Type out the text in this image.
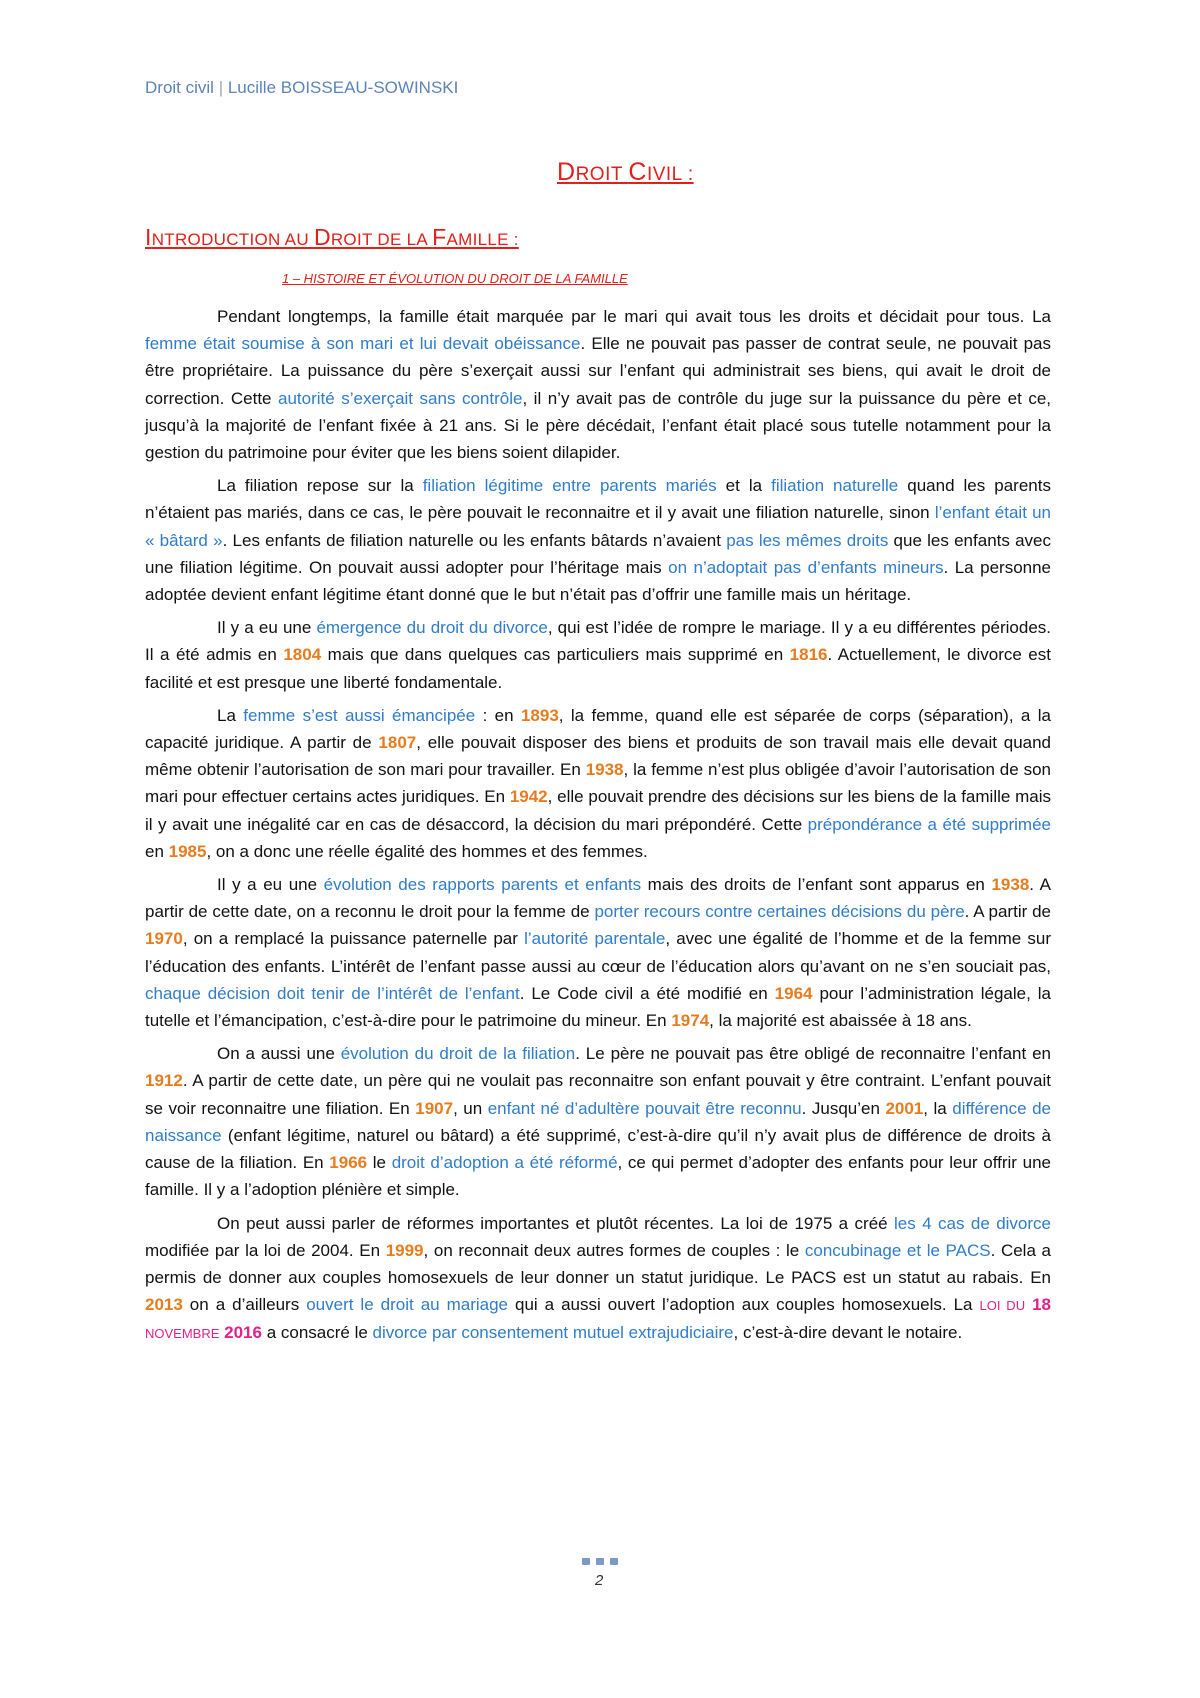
Droit civil | Lucille BOISSEAU-SOWINSKI
DROIT CIVIL :
INTRODUCTION AU DROIT DE LA FAMILLE :
1 – HISTOIRE ET ÉVOLUTION DU DROIT DE LA FAMILLE

Pendant longtemps, la famille était marquée par le mari qui avait tous les droits et décidait pour tous. La femme était soumise à son mari et lui devait obéissance. Elle ne pouvait pas passer de contrat seule, ne pouvait pas être propriétaire. La puissance du père s’exerçait aussi sur l’enfant qui administrait ses biens, qui avait le droit de correction. Cette autorité s’exerçait sans contrôle, il n’y avait pas de contrôle du juge sur la puissance du père et ce, jusqu’à la majorité de l’enfant fixée à 21 ans. Si le père décédait, l’enfant était placé sous tutelle notamment pour la gestion du patrimoine pour éviter que les biens soient dilapider.

La filiation repose sur la filiation légitime entre parents mariés et la filiation naturelle quand les parents n’étaient pas mariés, dans ce cas, le père pouvait le reconnaitre et il y avait une filiation naturelle, sinon l’enfant était un « bâtard ». Les enfants de filiation naturelle ou les enfants bâtards n’avaient pas les mêmes droits que les enfants avec une filiation légitime. On pouvait aussi adopter pour l’héritage mais on n’adoptait pas d’enfants mineurs. La personne adoptée devient enfant légitime étant donné que le but n’était pas d’offrir une famille mais un héritage.

Il y a eu une émergence du droit du divorce, qui est l’idée de rompre le mariage. Il y a eu différentes périodes. Il a été admis en 1804 mais que dans quelques cas particuliers mais supprimé en 1816. Actuellement, le divorce est facilité et est presque une liberté fondamentale.

La femme s’est aussi émancipée : en 1893, la femme, quand elle est séparée de corps (séparation), a la capacité juridique. A partir de 1807, elle pouvait disposer des biens et produits de son travail mais elle devait quand même obtenir l’autorisation de son mari pour travailler. En 1938, la femme n’est plus obligée d’avoir l’autorisation de son mari pour effectuer certains actes juridiques. En 1942, elle pouvait prendre des décisions sur les biens de la famille mais il y avait une inégalité car en cas de désaccord, la décision du mari prépondéré. Cette prépondérance a été supprimée en 1985, on a donc une réelle égalité des hommes et des femmes.

Il y a eu une évolution des rapports parents et enfants mais des droits de l’enfant sont apparus en 1938. A partir de cette date, on a reconnu le droit pour la femme de porter recours contre certaines décisions du père. A partir de 1970, on a remplacé la puissance paternelle par l’autorité parentale, avec une égalité de l’homme et de la femme sur l’éducation des enfants. L’intérêt de l’enfant passe aussi au cœur de l’éducation alors qu’avant on ne s’en souciait pas, chaque décision doit tenir de l’intérêt de l’enfant. Le Code civil a été modifié en 1964 pour l’administration légale, la tutelle et l’émancipation, c’est-à-dire pour le patrimoine du mineur. En 1974, la majorité est abaissée à 18 ans.

On a aussi une évolution du droit de la filiation. Le père ne pouvait pas être obligé de reconnaitre l’enfant en 1912. A partir de cette date, un père qui ne voulait pas reconnaitre son enfant pouvait y être contraint. L’enfant pouvait se voir reconnaitre une filiation. En 1907, un enfant né d’adultère pouvait être reconnu. Jusqu’en 2001, la différence de naissance (enfant légitime, naturel ou bâtard) a été supprimé, c’est-à-dire qu’il n’y avait plus de différence de droits à cause de la filiation. En 1966 le droit d’adoption a été réformé, ce qui permet d’adopter des enfants pour leur offrir une famille. Il y a l’adoption plénière et simple.

On peut aussi parler de réformes importantes et plutôt récentes. La loi de 1975 a créé les 4 cas de divorce modifiée par la loi de 2004. En 1999, on reconnait deux autres formes de couples : le concubinage et le PACS. Cela a permis de donner aux couples homosexuels de leur donner un statut juridique. Le PACS est un statut au rabais. En 2013 on a d’ailleurs ouvert le droit au mariage qui a aussi ouvert l’adoption aux couples homosexuels. La LOI DU 18 NOVEMBRE 2016 a consacré le divorce par consentement mutuel extrajudiciaire, c’est-à-dire devant le notaire.

2
